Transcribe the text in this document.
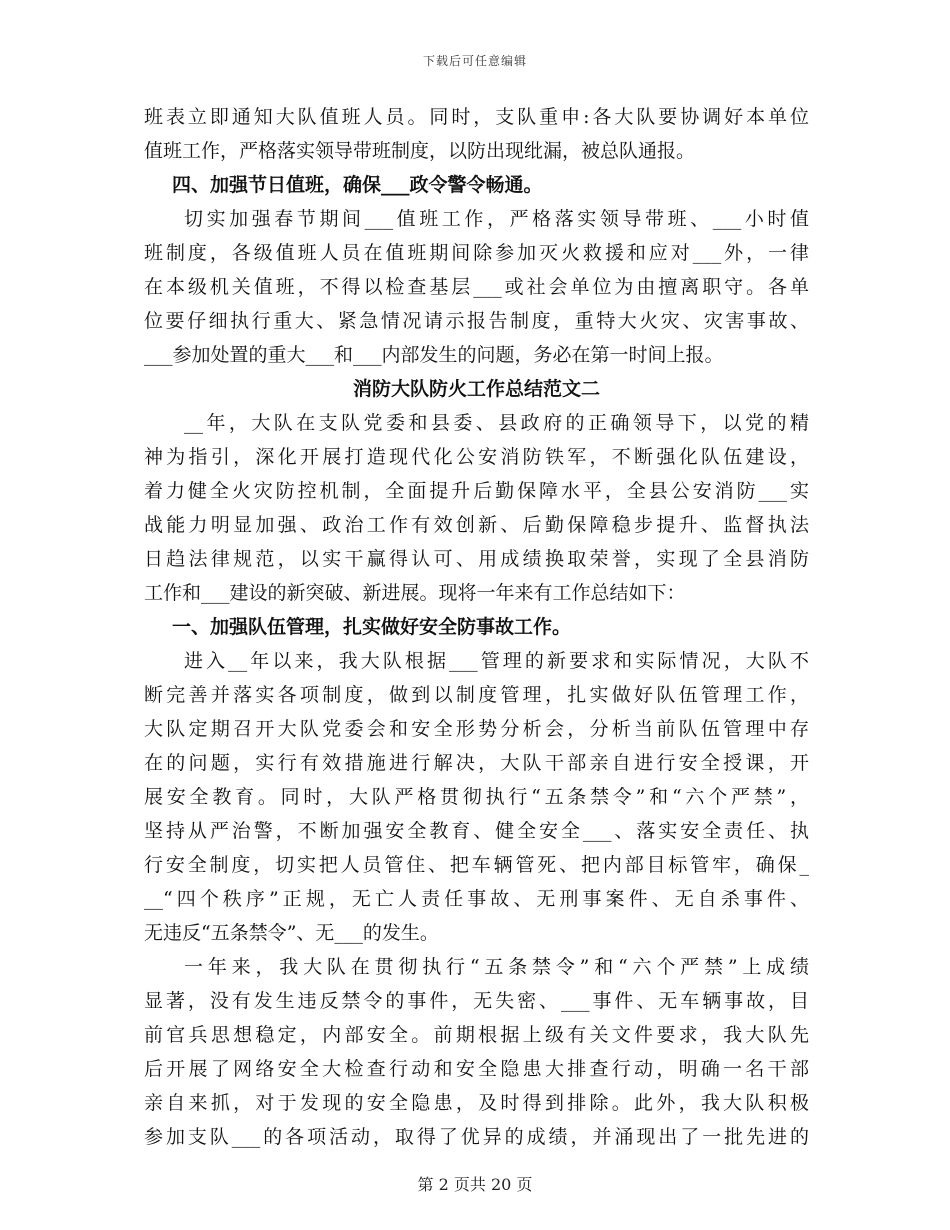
下载后可任意编辑
班表立即通知大队值班人员。同时，支队重申:各大队要协调好本单位
值班工作，严格落实领导带班制度，以防出现纰漏，被总队通报。
四、加强节日值班，确保___政令警令畅通。
切实加强春节期间___值班工作，严格落实领导带班、___小时值
班制度，各级值班人员在值班期间除参加灭火救援和应对___外，一律
在本级机关值班，不得以检查基层___或社会单位为由擅离职守。各单
位要仔细执行重大、紧急情况请示报告制度，重特大火灾、灾害事故、
___参加处置的重大___和___内部发生的问题，务必在第一时间上报。
消防大队防火工作总结范文二
__年，大队在支队党委和县委、县政府的正确领导下，以党的精
神为指引，深化开展打造现代化公安消防铁军，不断强化队伍建设，
着力健全火灾防控机制，全面提升后勤保障水平，全县公安消防___实
战能力明显加强、政治工作有效创新、后勤保障稳步提升、监督执法
日趋法律规范，以实干赢得认可、用成绩换取荣誉，实现了全县消防
工作和___建设的新突破、新进展。现将一年来有工作总结如下：
一、加强队伍管理，扎实做好安全防事故工作。
进入__年以来，我大队根据___管理的新要求和实际情况，大队不
断完善并落实各项制度，做到以制度管理，扎实做好队伍管理工作，
大队定期召开大队党委会和安全形势分析会，分析当前队伍管理中存
在的问题，实行有效措施进行解决，大队干部亲自进行安全授课，开
展安全教育。同时，大队严格贯彻执行“五条禁令”和“六个严禁”，
坚持从严治警，不断加强安全教育、健全安全___、落实安全责任、执
行安全制度，切实把人员管住、把车辆管死、把内部目标管牢，确保_
__“四个秩序”正规，无亡人责任事故、无刑事案件、无自杀事件、
无违反“五条禁令”、无___的发生。
一年来，我大队在贯彻执行“五条禁令”和“六个严禁”上成绩
显著，没有发生违反禁令的事件，无失密、___事件、无车辆事故，目
前官兵思想稳定，内部安全。前期根据上级有关文件要求，我大队先
后开展了网络安全大检查行动和安全隐患大排查行动，明确一名干部
亲自来抓，对于发现的安全隐患，及时得到排除。此外，我大队积极
参加支队___的各项活动，取得了优异的成绩，并涌现出了一批先进的
第 2 页共 20 页
